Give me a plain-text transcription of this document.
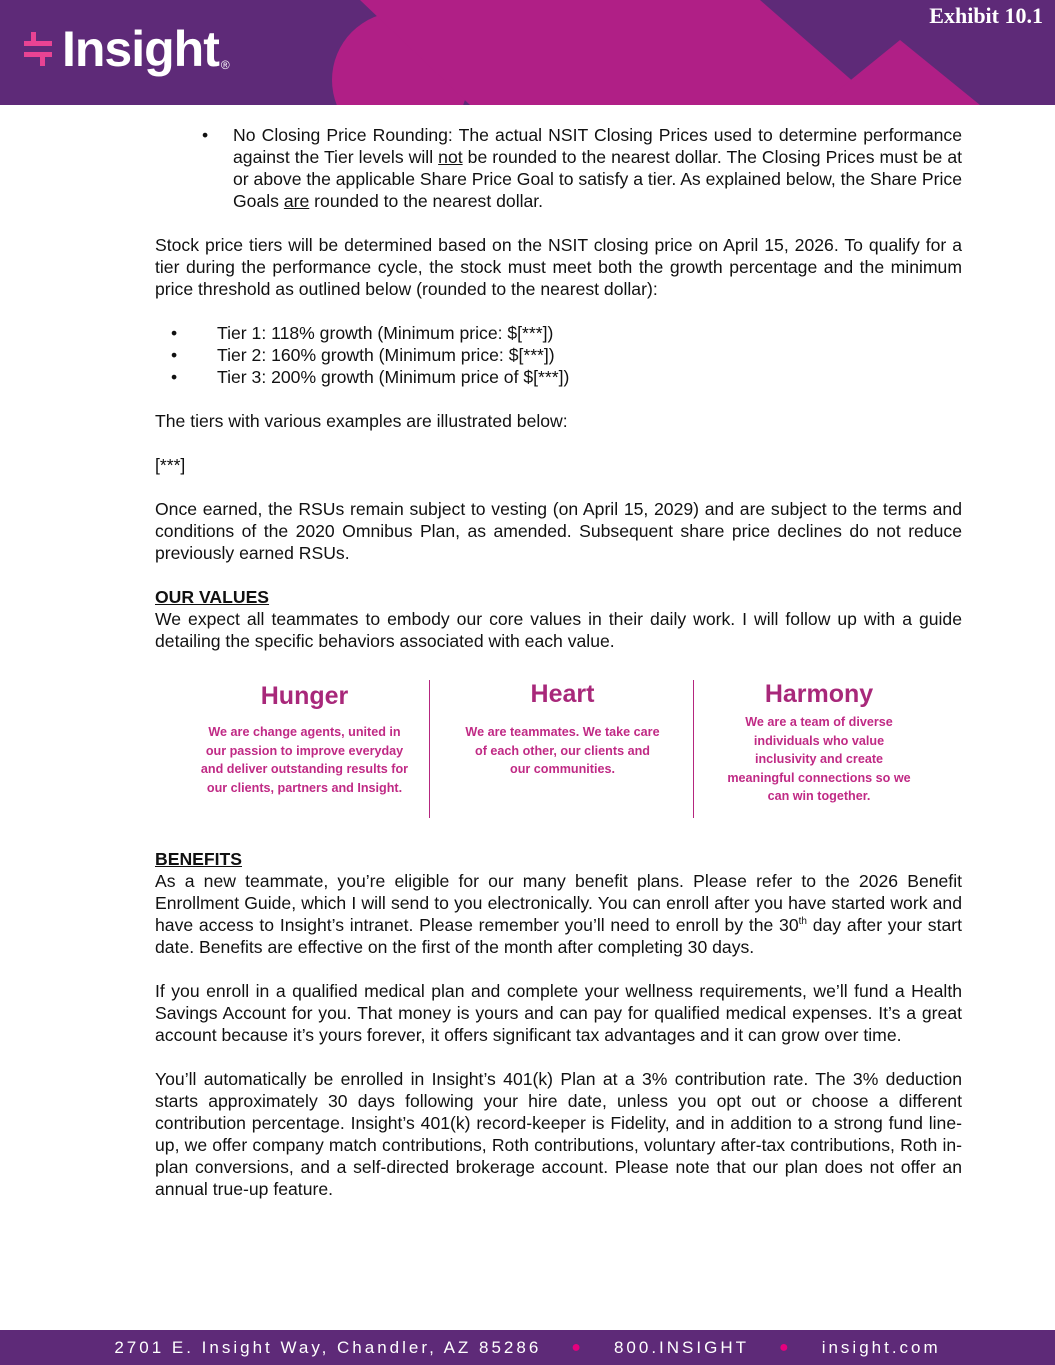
Insight ®
Exhibit 10.1
• No Closing Price Rounding: The actual NSIT Closing Prices used to determine performance against the Tier levels will not be rounded to the nearest dollar. The Closing Prices must be at or above the applicable Share Price Goal to satisfy a tier. As explained below, the Share Price Goals are rounded to the nearest dollar.

Stock price tiers will be determined based on the NSIT closing price on April 15, 2026. To qualify for a tier during the performance cycle, the stock must meet both the growth percentage and the minimum price threshold as outlined below (rounded to the nearest dollar):

• Tier 1: 118% growth (Minimum price: $[***])
• Tier 2: 160% growth (Minimum price: $[***])
• Tier 3: 200% growth (Minimum price of $[***])

The tiers with various examples are illustrated below:

[***]

Once earned, the RSUs remain subject to vesting (on April 15, 2029) and are subject to the terms and conditions of the 2020 Omnibus Plan, as amended. Subsequent share price declines do not reduce previously earned RSUs.

OUR VALUES

We expect all teammates to embody our core values in their daily work. I will follow up with a guide detailing the specific behaviors associated with each value.

BENEFITS

As a new teammate, you’re eligible for our many benefit plans. Please refer to the 2026 Benefit Enrollment Guide, which I will send to you electronically. You can enroll after you have started work and have access to Insight’s intranet. Please remember you’ll need to enroll by the 30th day after your start date. Benefits are effective on the first of the month after completing 30 days.

If you enroll in a qualified medical plan and complete your wellness requirements, we’ll fund a Health Savings Account for you. That money is yours and can pay for qualified medical expenses. It’s a great account because it’s yours forever, it offers significant tax advantages and it can grow over time.

You’ll automatically be enrolled in Insight’s 401(k) Plan at a 3% contribution rate. The 3% deduction starts approximately 30 days following your hire date, unless you opt out or choose a different contribution percentage. Insight’s 401(k) record-keeper is Fidelity, and in addition to a strong fund line-up, we offer company match contributions, Roth contributions, voluntary after-tax contributions, Roth in-plan conversions, and a self-directed brokerage account. Please note that our plan does not offer an annual true-up feature.

Hunger

We are change agents, united in our passion to improve everyday and deliver outstanding results for our clients, partners and Insight.

Heart

We are teammates. We take care of each other, our clients and our communities.

Harmony

We are a team of diverse individuals who value inclusivity and create meaningful connections so we can win together.

2701 E. Insight Way, Chandler, AZ 85286 ● 800.INSIGHT ● insight.com
